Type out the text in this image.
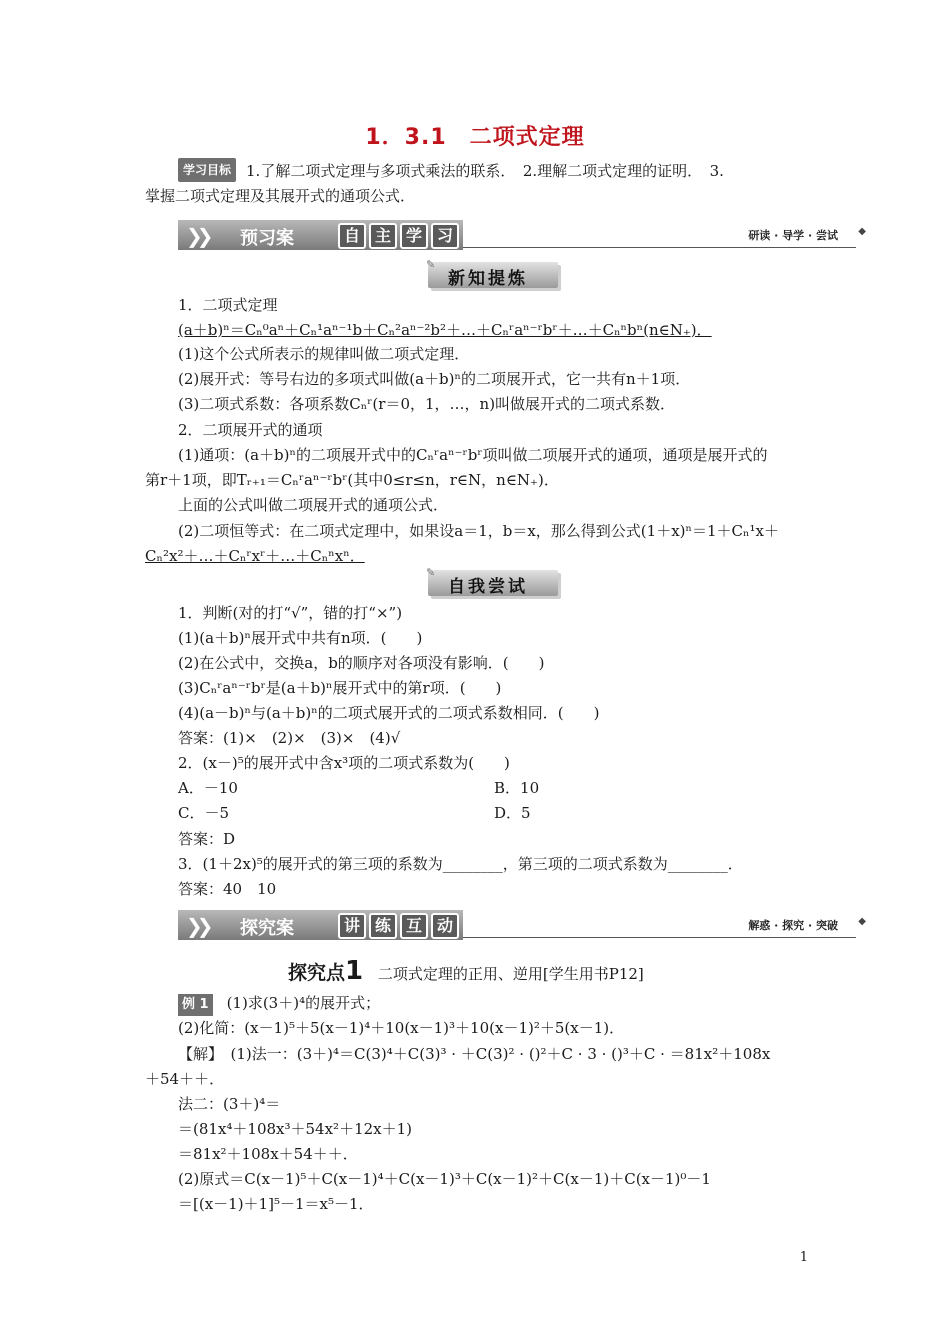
1．3.1　二项式定理
学习目标 1.了解二项式定理与多项式乘法的联系．　2.理解二项式定理的证明．　3.
掌握二项式定理及其展开式的通项公式．
❯❯ 预习案	自 主 学 习	研读 · 导学 · 尝试 ◆
✎
新知提炼
1．二项式定理
(a＋b)ⁿ＝Cₙ⁰aⁿ＋Cₙ¹aⁿ⁻¹b＋Cₙ²aⁿ⁻²b²＋…＋Cₙʳaⁿ⁻ʳbʳ＋…＋Cₙⁿbⁿ(n∈N₊)．
(1)这个公式所表示的规律叫做二项式定理．
(2)展开式：等号右边的多项式叫做(a＋b)ⁿ的二项展开式，它一共有n＋1项．
(3)二项式系数：各项系数Cₙʳ(r＝0，1，…，n)叫做展开式的二项式系数．
2．二项展开式的通项
(1)通项：(a＋b)ⁿ的二项展开式中的Cₙʳaⁿ⁻ʳbʳ项叫做二项展开式的通项，通项是展开式的
第r＋1项，即Tᵣ₊₁＝Cₙʳaⁿ⁻ʳbʳ(其中0≤r≤n，r∈N，n∈N₊)．
上面的公式叫做二项展开式的通项公式．
(2)二项恒等式：在二项式定理中，如果设a＝1，b＝x，那么得到公式(1＋x)ⁿ＝1＋Cₙ¹x＋
Cₙ²x²＋…＋Cₙʳxʳ＋…＋Cₙⁿxⁿ．
✎
自我尝试
1．判断(对的打“√”，错的打“×”)
(1)(a＋b)ⁿ展开式中共有n项．(　　)
(2)在公式中，交换a，b的顺序对各项没有影响．(　　)
(3)Cₙʳaⁿ⁻ʳbʳ是(a＋b)ⁿ展开式中的第r项．(　　)
(4)(a－b)ⁿ与(a＋b)ⁿ的二项式展开式的二项式系数相同．(　　)
答案：(1)×　(2)×　(3)×　(4)√
2．(x－)⁵的展开式中含x³项的二项式系数为(　　)
A．－10	B．10
C．－5	D．5
答案：D
3．(1＋2x)⁵的展开式的第三项的系数为________，第三项的二项式系数为________．
答案：40　10
❯❯ 探究案	讲 练 互 动	解惑 · 探究 · 突破 ◆
探究点1 二项式定理的正用、逆用[学生用书P12]
例 1 (1)求(3＋)⁴的展开式；
(2)化简：(x－1)⁵＋5(x－1)⁴＋10(x－1)³＋10(x－1)²＋5(x－1)．
【解】　(1)法一：(3＋)⁴＝C(3)⁴＋C(3)³ · ＋C(3)² · ()²＋C · 3 · ()³＋C · ＝81x²＋108x
＋54＋＋．
法二：(3＋)⁴＝
＝(81x⁴＋108x³＋54x²＋12x＋1)
＝81x²＋108x＋54＋＋．
(2)原式＝C(x－1)⁵＋C(x－1)⁴＋C(x－1)³＋C(x－1)²＋C(x－1)＋C(x－1)⁰－1
＝[(x－1)＋1]⁵－1＝x⁵－1．
1
